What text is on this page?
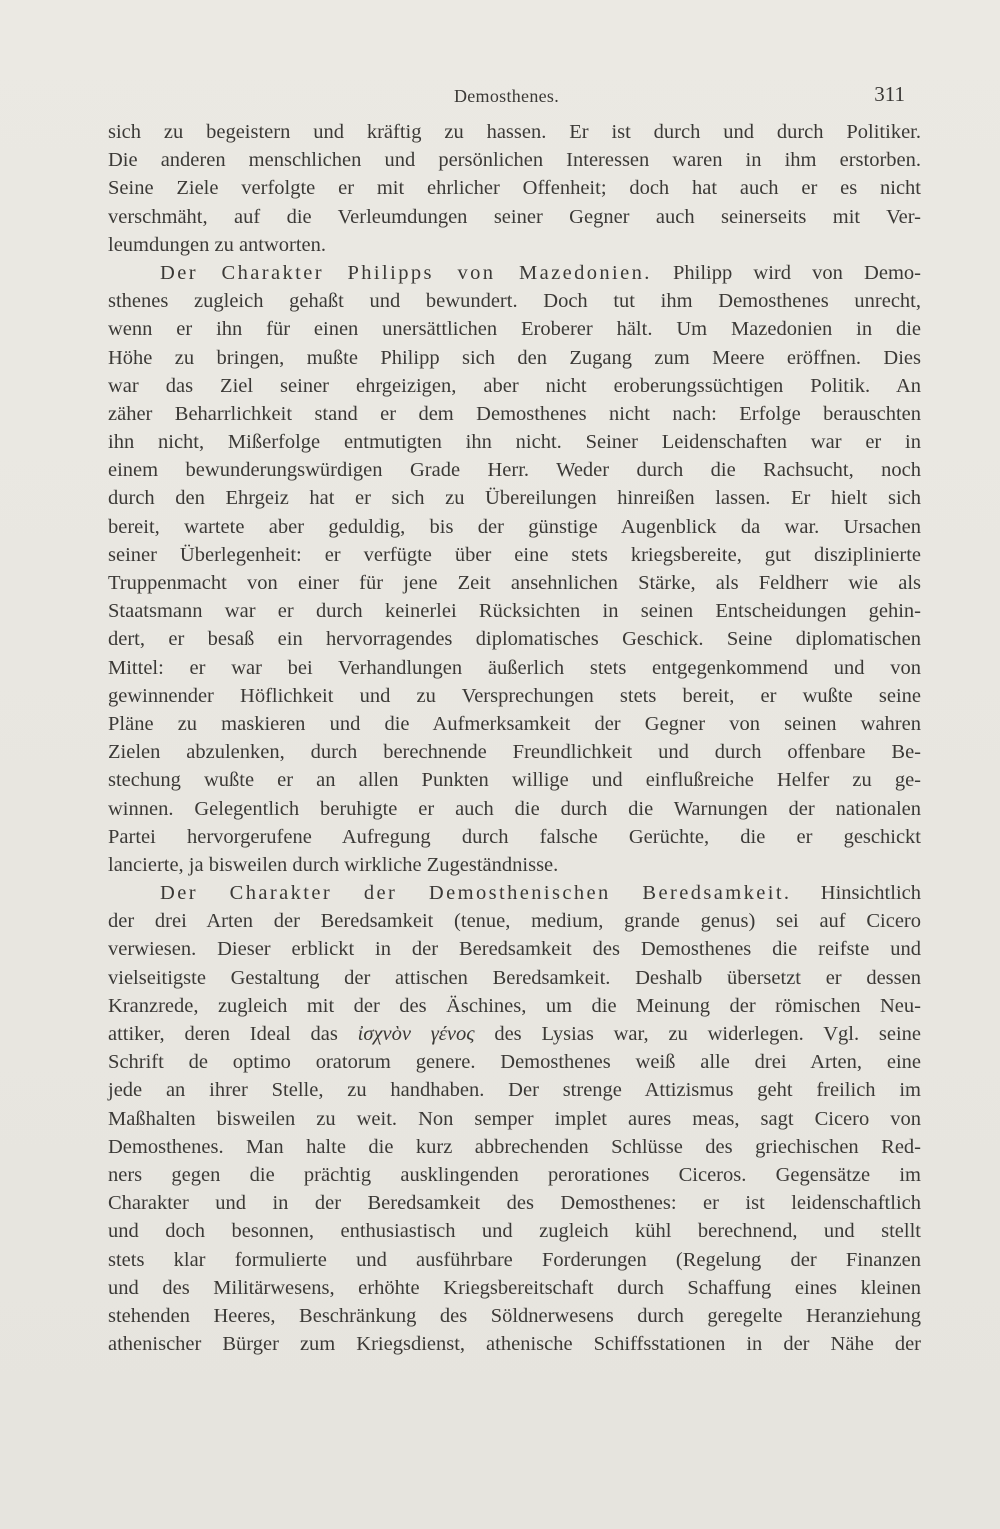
Demosthenes.	311
sich zu begeistern und kräftig zu hassen. Er ist durch und durch Politiker.
Die anderen menschlichen und persönlichen Interessen waren in ihm erstorben.
Seine Ziele verfolgte er mit ehrlicher Offenheit; doch hat auch er es nicht
verschmäht, auf die Verleumdungen seiner Gegner auch seinerseits mit Ver-
leumdungen zu antworten.
Der Charakter Philipps von Mazedonien. Philipp wird von Demo-
sthenes zugleich gehaßt und bewundert. Doch tut ihm Demosthenes unrecht,
wenn er ihn für einen unersättlichen Eroberer hält. Um Mazedonien in die
Höhe zu bringen, mußte Philipp sich den Zugang zum Meere eröffnen. Dies
war das Ziel seiner ehrgeizigen, aber nicht eroberungssüchtigen Politik. An
zäher Beharrlichkeit stand er dem Demosthenes nicht nach: Erfolge berauschten
ihn nicht, Mißerfolge entmutigten ihn nicht. Seiner Leidenschaften war er in
einem bewunderungswürdigen Grade Herr. Weder durch die Rachsucht, noch
durch den Ehrgeiz hat er sich zu Übereilungen hinreißen lassen. Er hielt sich
bereit, wartete aber geduldig, bis der günstige Augenblick da war. Ursachen
seiner Überlegenheit: er verfügte über eine stets kriegsbereite, gut disziplinierte
Truppenmacht von einer für jene Zeit ansehnlichen Stärke, als Feldherr wie als
Staatsmann war er durch keinerlei Rücksichten in seinen Entscheidungen gehin-
dert, er besaß ein hervorragendes diplomatisches Geschick. Seine diplomatischen
Mittel: er war bei Verhandlungen äußerlich stets entgegenkommend und von
gewinnender Höflichkeit und zu Versprechungen stets bereit, er wußte seine
Pläne zu maskieren und die Aufmerksamkeit der Gegner von seinen wahren
Zielen abzulenken, durch berechnende Freundlichkeit und durch offenbare Be-
stechung wußte er an allen Punkten willige und einflußreiche Helfer zu ge-
winnen. Gelegentlich beruhigte er auch die durch die Warnungen der nationalen
Partei hervorgerufene Aufregung durch falsche Gerüchte, die er geschickt
lancierte, ja bisweilen durch wirkliche Zugeständnisse.
Der Charakter der Demosthenischen Beredsamkeit. Hinsichtlich
der drei Arten der Beredsamkeit (tenue, medium, grande genus) sei auf Cicero
verwiesen. Dieser erblickt in der Beredsamkeit des Demosthenes die reifste und
vielseitigste Gestaltung der attischen Beredsamkeit. Deshalb übersetzt er dessen
Kranzrede, zugleich mit der des Äschines, um die Meinung der römischen Neu-
attiker, deren Ideal das ἰσχνὸν γένος des Lysias war, zu widerlegen. Vgl. seine
Schrift de optimo oratorum genere. Demosthenes weiß alle drei Arten, eine
jede an ihrer Stelle, zu handhaben. Der strenge Attizismus geht freilich im
Maßhalten bisweilen zu weit. Non semper implet aures meas, sagt Cicero von
Demosthenes. Man halte die kurz abbrechenden Schlüsse des griechischen Red-
ners gegen die prächtig ausklingenden perorationes Ciceros. Gegensätze im
Charakter und in der Beredsamkeit des Demosthenes: er ist leidenschaftlich
und doch besonnen, enthusiastisch und zugleich kühl berechnend, und stellt
stets klar formulierte und ausführbare Forderungen (Regelung der Finanzen
und des Militärwesens, erhöhte Kriegsbereitschaft durch Schaffung eines kleinen
stehenden Heeres, Beschränkung des Söldnerwesens durch geregelte Heranziehung
athenischer Bürger zum Kriegsdienst, athenische Schiffsstationen in der Nähe der
